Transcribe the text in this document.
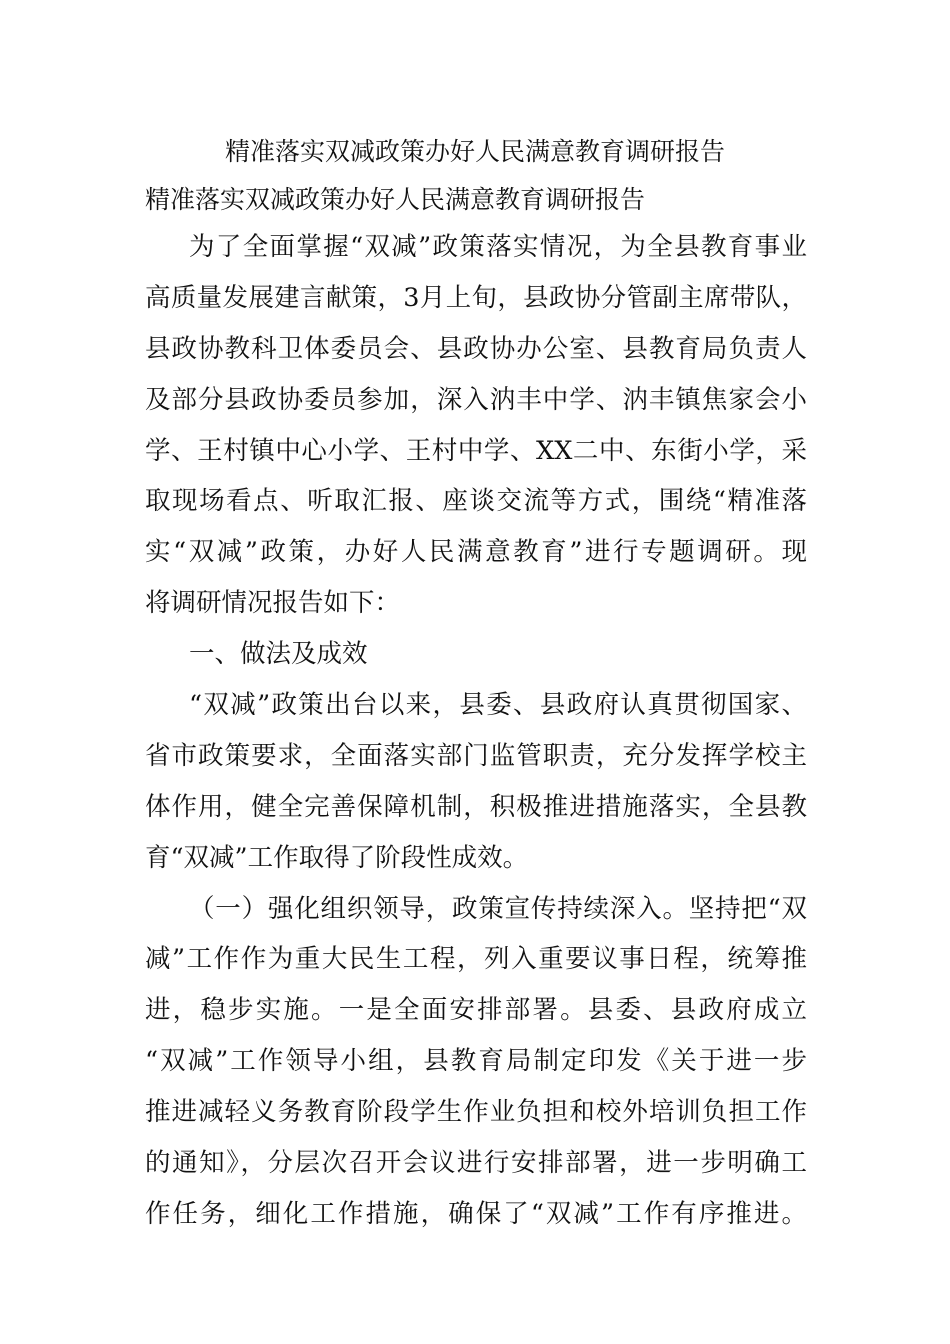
精准落实双减政策办好人民满意教育调研报告
精准落实双减政策办好人民满意教育调研报告
为了全面掌握“双减”政策落实情况，为全县教育事业
高质量发展建言献策，3月上旬，县政协分管副主席带队，
县政协教科卫体委员会、县政协办公室、县教育局负责人
及部分县政协委员参加，深入汭丰中学、汭丰镇焦家会小
学、王村镇中心小学、王村中学、XX二中、东街小学，采
取现场看点、听取汇报、座谈交流等方式，围绕“精准落
实“双减”政策，办好人民满意教育”进行专题调研。现
将调研情况报告如下：
一、做法及成效
“双减”政策出台以来，县委、县政府认真贯彻国家、
省市政策要求，全面落实部门监管职责，充分发挥学校主
体作用，健全完善保障机制，积极推进措施落实，全县教
育“双减”工作取得了阶段性成效。
（一）强化组织领导，政策宣传持续深入。坚持把“双
减”工作作为重大民生工程，列入重要议事日程，统筹推
进，稳步实施。一是全面安排部署。县委、县政府成立
“双减”工作领导小组，县教育局制定印发《关于进一步
推进减轻义务教育阶段学生作业负担和校外培训负担工作
的通知》，分层次召开会议进行安排部署，进一步明确工
作任务，细化工作措施，确保了“双减”工作有序推进。
